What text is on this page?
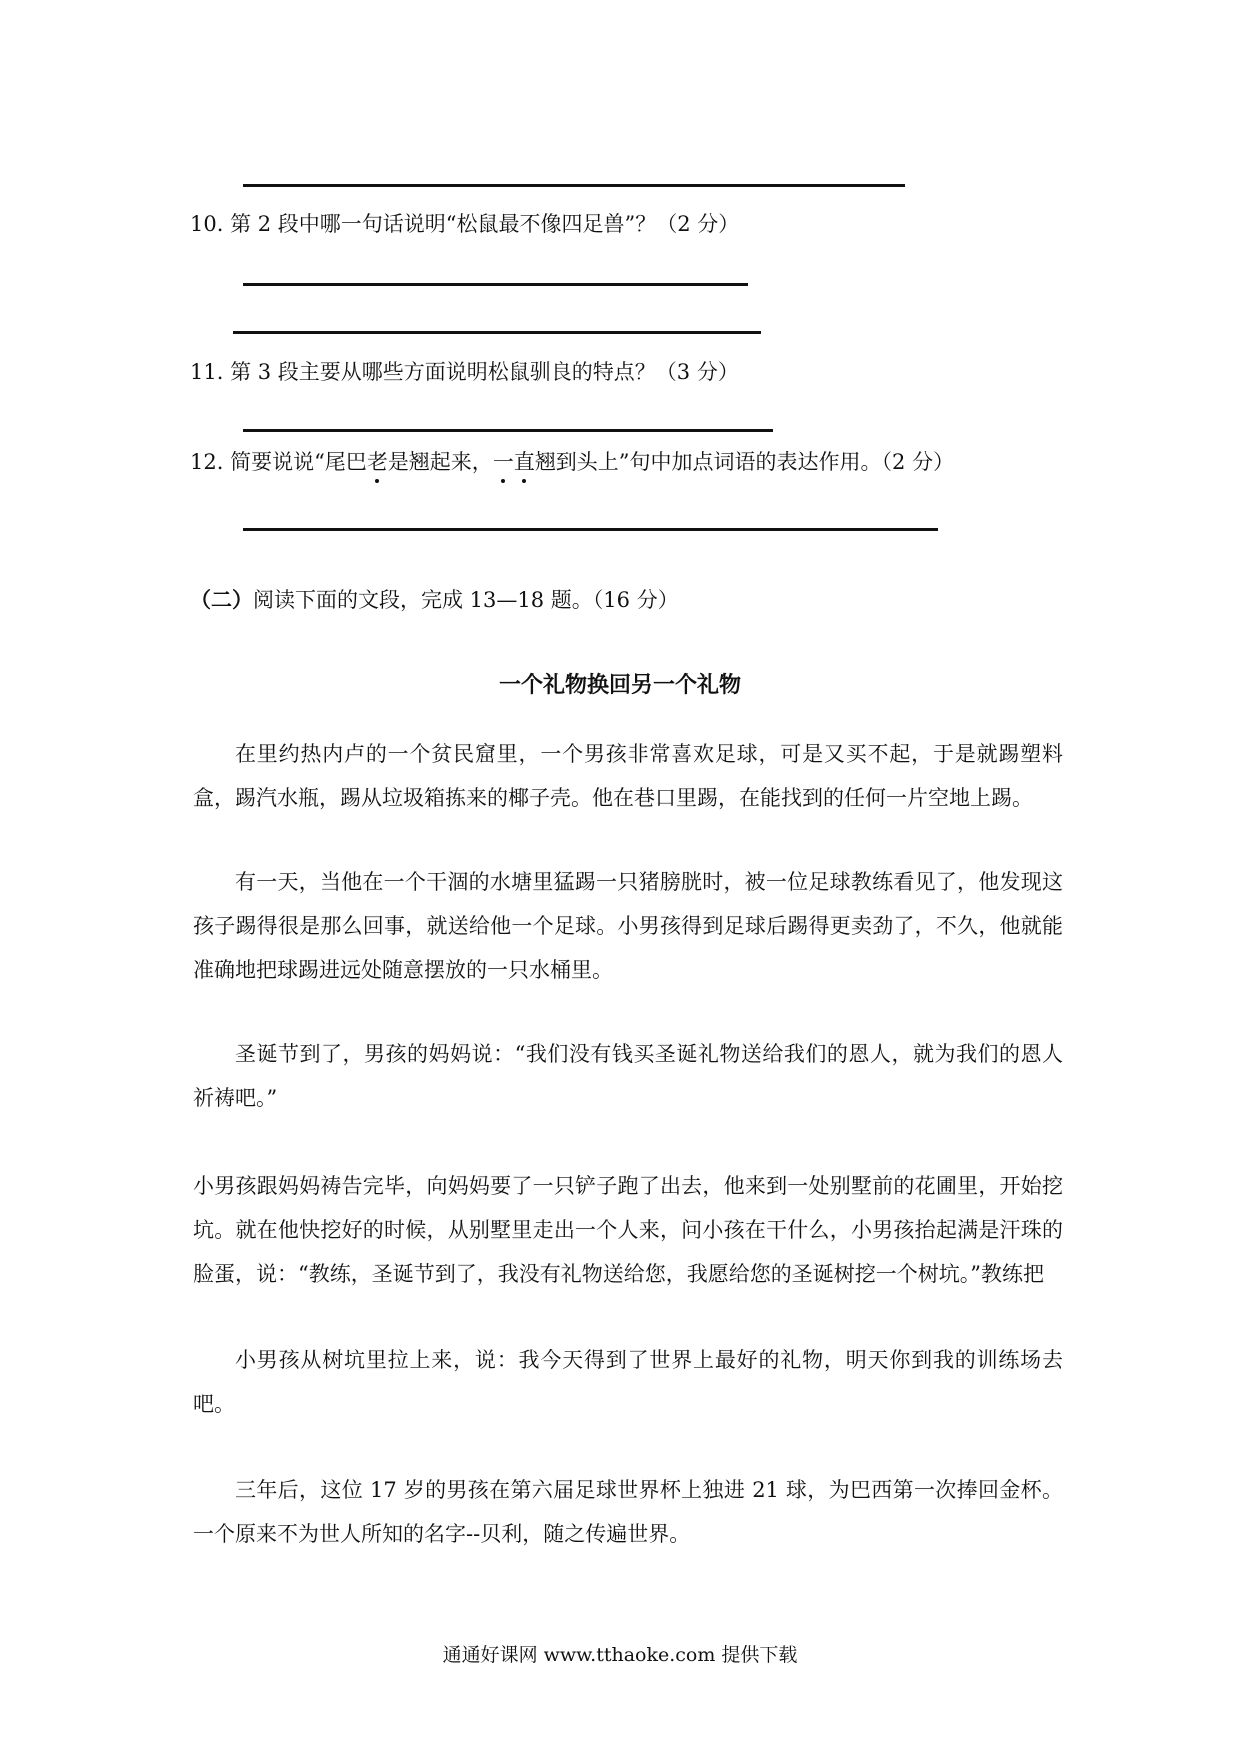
10. 第 2 段中哪一句话说明“松鼠最不像四足兽”？（2 分）
11. 第 3 段主要从哪些方面说明松鼠驯良的特点？（3 分）
12. 简要说说“尾巴老是翘起来，一直翘到头上”句中加点词语的表达作用。（2 分）
（二）阅读下面的文段，完成 13—18 题。（16 分）
一个礼物换回另一个礼物

在里约热内卢的一个贫民窟里，一个男孩非常喜欢足球，可是又买不起，于是就踢塑料盒，踢汽水瓶，踢从垃圾箱拣来的椰子壳。他在巷口里踢，在能找到的任何一片空地上踢。

有一天，当他在一个干涸的水塘里猛踢一只猪膀胱时，被一位足球教练看见了，他发现这孩子踢得很是那么回事，就送给他一个足球。小男孩得到足球后踢得更卖劲了，不久，他就能准确地把球踢进远处随意摆放的一只水桶里。

圣诞节到了，男孩的妈妈说：“我们没有钱买圣诞礼物送给我们的恩人，就为我们的恩人祈祷吧。”

小男孩跟妈妈祷告完毕，向妈妈要了一只铲子跑了出去，他来到一处别墅前的花圃里，开始挖坑。就在他快挖好的时候，从别墅里走出一个人来，问小孩在干什么，小男孩抬起满是汗珠的脸蛋，说：“教练，圣诞节到了，我没有礼物送给您，我愿给您的圣诞树挖一个树坑。”教练把

小男孩从树坑里拉上来，说：我今天得到了世界上最好的礼物，明天你到我的训练场去吧。

三年后，这位 17 岁的男孩在第六届足球世界杯上独进 21 球，为巴西第一次捧回金杯。一个原来不为世人所知的名字--贝利，随之传遍世界。

通通好课网 www.tthaoke.com 提供下载
